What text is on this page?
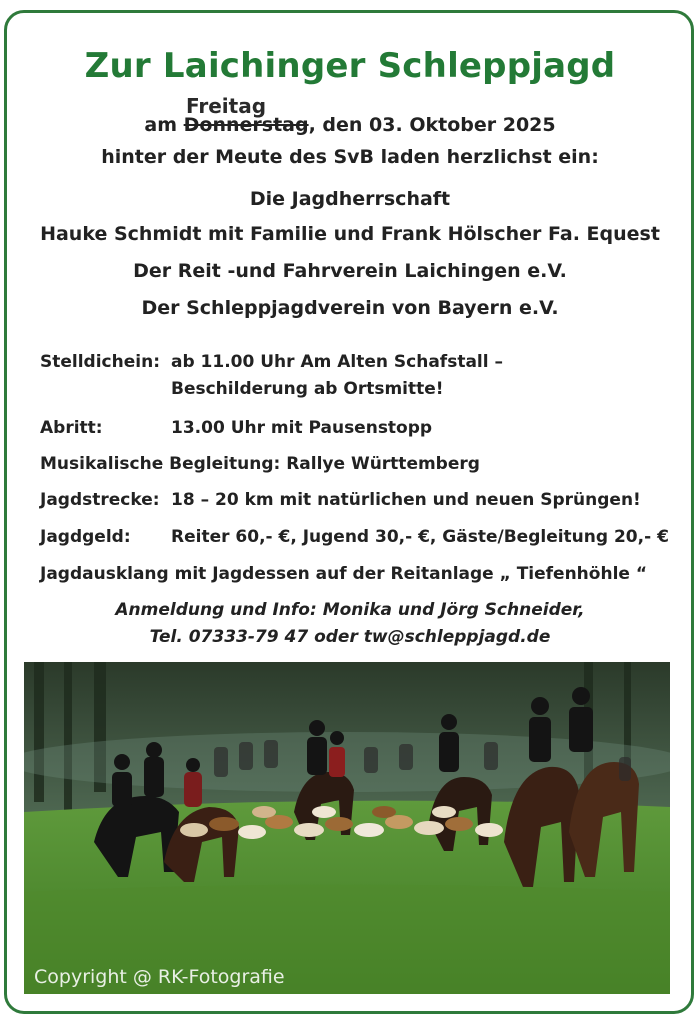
Zur Laichinger Schleppjagd
Freitag
am Donnerstag, den 03. Oktober 2025
hinter der Meute des SvB laden herzlichst ein:
Die Jagdherrschaft
Hauke Schmidt mit Familie und Frank Hölscher Fa. Equest
Der Reit -und Fahrverein Laichingen e.V.
Der Schleppjagdverein von Bayern e.V.
Stelldichein: ab 11.00 Uhr Am Alten Schafstall –
Beschilderung ab Ortsmitte!
Abritt:	13.00 Uhr mit Pausenstopp
Musikalische Begleitung: Rallye Württemberg
Jagdstrecke: 18 – 20 km mit natürlichen und neuen Sprüngen!
Jagdgeld: Reiter 60,- €, Jugend 30,- €, Gäste/Begleitung 20,- €
Jagdausklang mit Jagdessen auf der Reitanlage „ Tiefenhöhle “
Anmeldung und Info: Monika und Jörg Schneider,
Tel. 07333-79 47 oder tw@schleppjagd.de
Copyright @ RK-Fotografie
